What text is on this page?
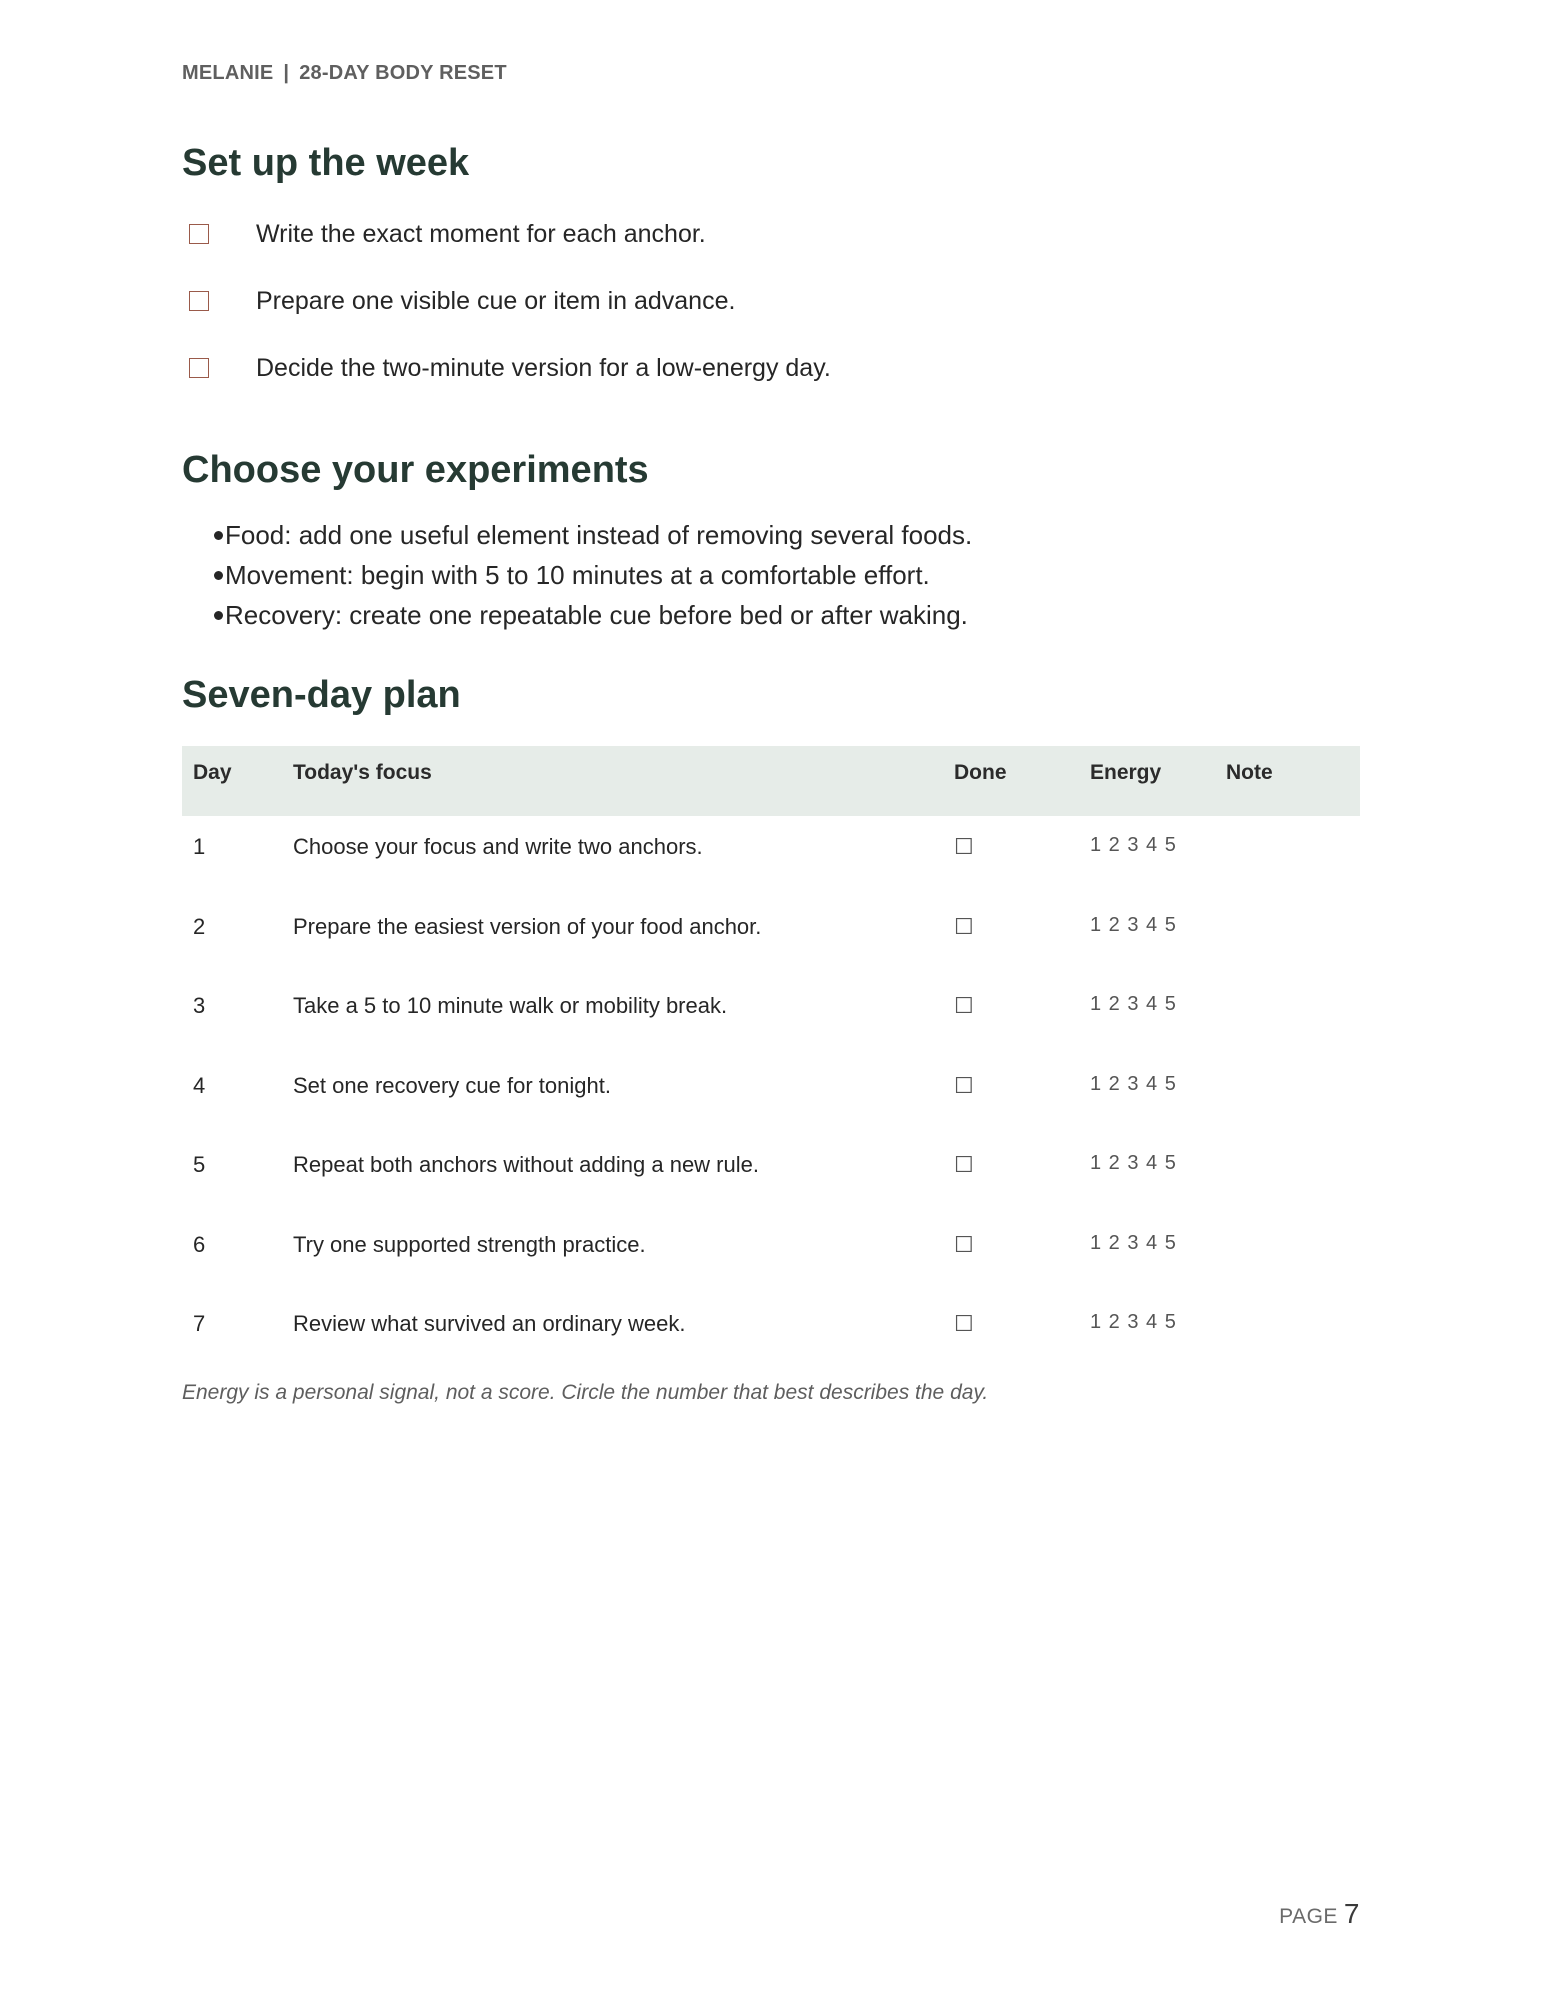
MELANIE | 28-DAY BODY RESET
Set up the week
Write the exact moment for each anchor.
Prepare one visible cue or item in advance.
Decide the two-minute version for a low-energy day.
Choose your experiments
Food: add one useful element instead of removing several foods.
Movement: begin with 5 to 10 minutes at a comfortable effort.
Recovery: create one repeatable cue before bed or after waking.
Seven-day plan
Day	Today's focus	Done	Energy	Note
1	Choose your focus and write two anchors.	☐	1 2 3 4 5	
2	Prepare the easiest version of your food anchor.	☐	1 2 3 4 5	
3	Take a 5 to 10 minute walk or mobility break.	☐	1 2 3 4 5	
4	Set one recovery cue for tonight.	☐	1 2 3 4 5	
5	Repeat both anchors without adding a new rule.	☐	1 2 3 4 5	
6	Try one supported strength practice.	☐	1 2 3 4 5	
7	Review what survived an ordinary week.	☐	1 2 3 4 5	
Energy is a personal signal, not a score. Circle the number that best describes the day.
PAGE 7
